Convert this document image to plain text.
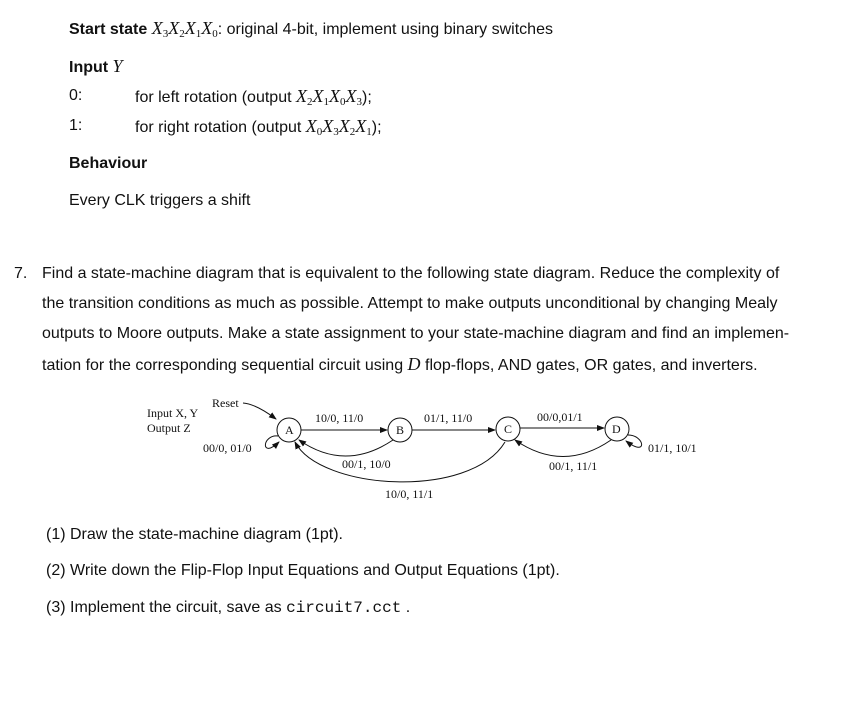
Start state $X_3X_2X_1X_0$: original 4-bit, implement using binary switches
Input Y
0:	for left rotation (output $X_2X_1X_0X_3$);
1:	for right rotation (output $X_0X_3X_2X_1$);
Behaviour
Every CLK triggers a shift
7. Find a state-machine diagram that is equivalent to the following state diagram. Reduce the complexity of
the transition conditions as much as possible. Attempt to make outputs unconditional by changing Mealy
outputs to Moore outputs. Make a state assignment to your state-machine diagram and find an implemen-
tation for the corresponding sequential circuit using D flop-flops, AND gates, OR gates, and inverters.
Input X, Y
Output Z
Reset
A	B	C	D
00/0, 01/0
10/0, 11/0
00/1, 10/0
01/1, 11/0
10/0, 11/1
00/0,01/1
00/1, 11/1
01/1, 10/1
(1) Draw the state-machine diagram (1pt).
(2) Write down the Flip-Flop Input Equations and Output Equations (1pt).
(3) Implement the circuit, save as circuit7.cct .
